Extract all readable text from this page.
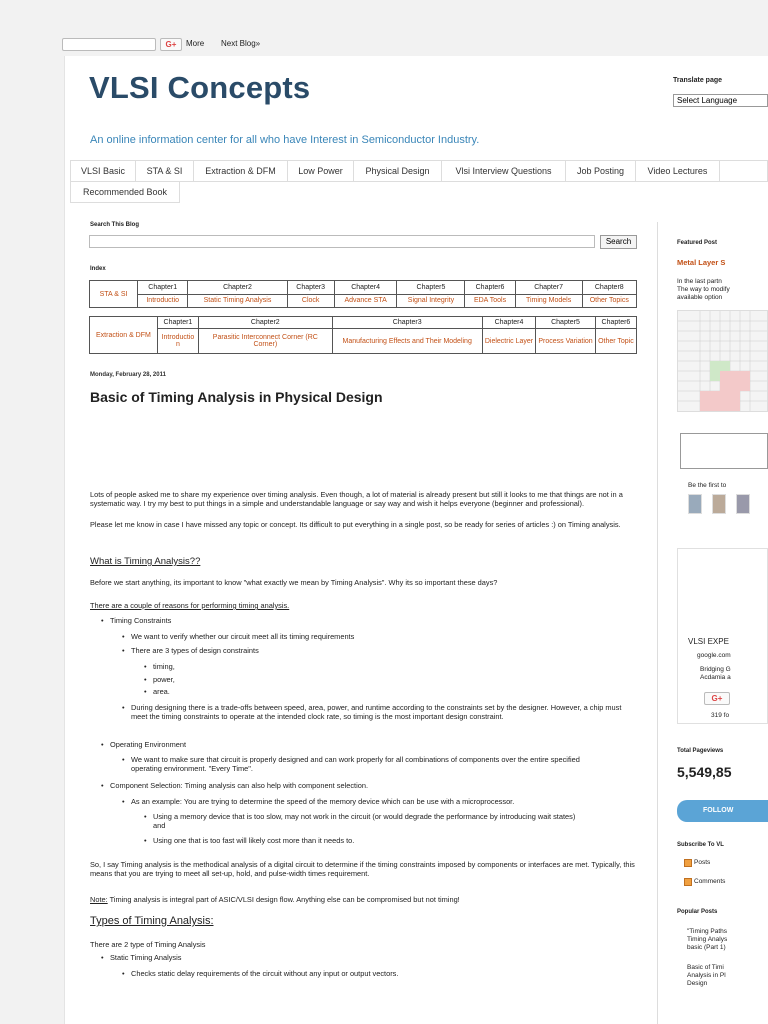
G+	More Next Blog»
VLSI Concepts	Translate page
Select Language
An online information center for all who have Interest in Semiconductor Industry.
VLSI Basic	STA & SI	Extraction & DFM	Low Power	Physical Design	Vlsi Interview Questions	Job Posting	Video Lectures
Recommended Book
Search This Blog
Search
Index
STA & SI	Chapter1	Chapter2	Chapter3	Chapter4	Chapter5	Chapter6	Chapter7	Chapter8
	Introductio	Static Timing Analysis	Clock	Advance STA	Signal Integrity	EDA Tools	Timing Models	Other Topics
Extraction & DFM	Chapter1	Chapter2	Chapter3	Chapter4	Chapter5	Chapter6
	Introductio n	Parasitic Interconnect Corner (RC Corner)	Manufacturing Effects and Their Modeling	Dielectric Layer	Process Variation	Other Topic
Monday, February 28, 2011
Basic of Timing Analysis in Physical Design
Lots of people asked me to share my experience over timing analysis. Even though, a lot of material is already present but still it looks to me that things are not in a systematic way. I try my best to put things in a simple and understandable language or say way and wish it helps everyone (beginner and professional).
Please let me know in case I have missed any topic or concept. Its difficult to put everything in a single post, so be ready for series of articles :) on Timing analysis.
What is Timing Analysis??
Before we start anything, its important to know "what exactly we mean by Timing Analysis". Why its so important these days?
There are a couple of reasons for performing timing analysis.
• Timing Constraints
• We want to verify whether our circuit meet all its timing requirements
• There are 3 types of design constraints
• timing,
• power,
• area.
• During designing there is a trade-offs between speed, area, power, and runtime according to the constraints set by the designer. However, a chip must meet the timing constraints to operate at the intended clock rate, so timing is the most important design constraint.
• Operating Environment
• We want to make sure that circuit is properly designed and can work properly for all combinations of components over the entire specified operating environment. "Every Time".
• Component Selection: Timing analysis can also help with component selection.
• As an example: You are trying to determine the speed of the memory device which can be use with a microprocessor.
• Using a memory device that is too slow, may not work in the circuit (or would degrade the performance by introducing wait states) and
• Using one that is too fast will likely cost more than it needs to.
So, I say Timing analysis is the methodical analysis of a digital circuit to determine if the timing constraints imposed by components or interfaces are met. Typically, this means that you are trying to meet all set-up, hold, and pulse-width times requirement.
Note: Timing analysis is integral part of ASIC/VLSI design flow. Anything else can be compromised but not timing!
Types of Timing Analysis:
There are 2 type of Timing Analysis
• Static Timing Analysis
• Checks static delay requirements of the circuit without any input or output vectors.
Featured Post
Metal Layer S
In the last partn
The way to modify
available option
Be the first to
VLSI EXPE
google.com
Bridging G
Acdamia a
G+
319 fo
Total Pageviews
5,549,85
FOLLOW
Subscribe To VL
Posts
Comments
Popular Posts
"Timing Paths
Timing Analys
basic (Part 1)
Basic of Timi
Analysis in Pl
Design
